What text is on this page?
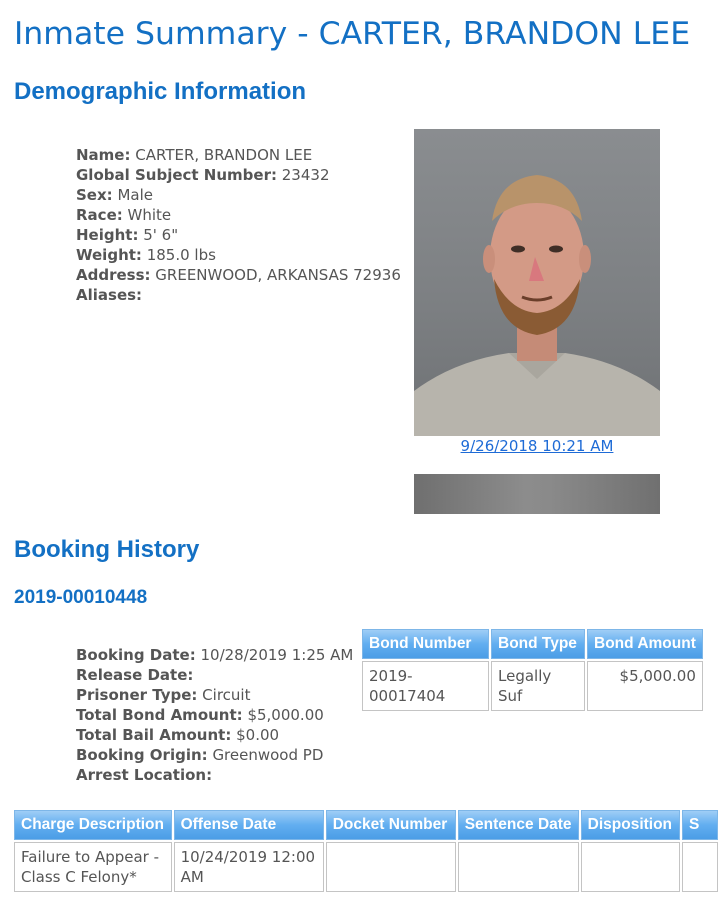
Inmate Summary - CARTER, BRANDON LEE
Demographic Information
Name: CARTER, BRANDON LEE
Global Subject Number: 23432
Sex: Male
Race: White
Height: 5' 6"
Weight: 185.0 lbs
Address: GREENWOOD, ARKANSAS 72936
Aliases:
9/26/2018 10:21 AM
Booking History
2019-00010448
Booking Date: 10/28/2019 1:25 AM
Release Date:
Prisoner Type: Circuit
Total Bond Amount: $5,000.00
Total Bail Amount: $0.00
Booking Origin: Greenwood PD
Arrest Location:
Bond Number	Bond Type	Bond Amount
2019-00017404	Legally Suf	$5,000.00
Charge Description	Offense Date	Docket Number	Sentence Date	Disposition	S
Failure to Appear - Class C Felony*	10/24/2019 12:00 AM				
